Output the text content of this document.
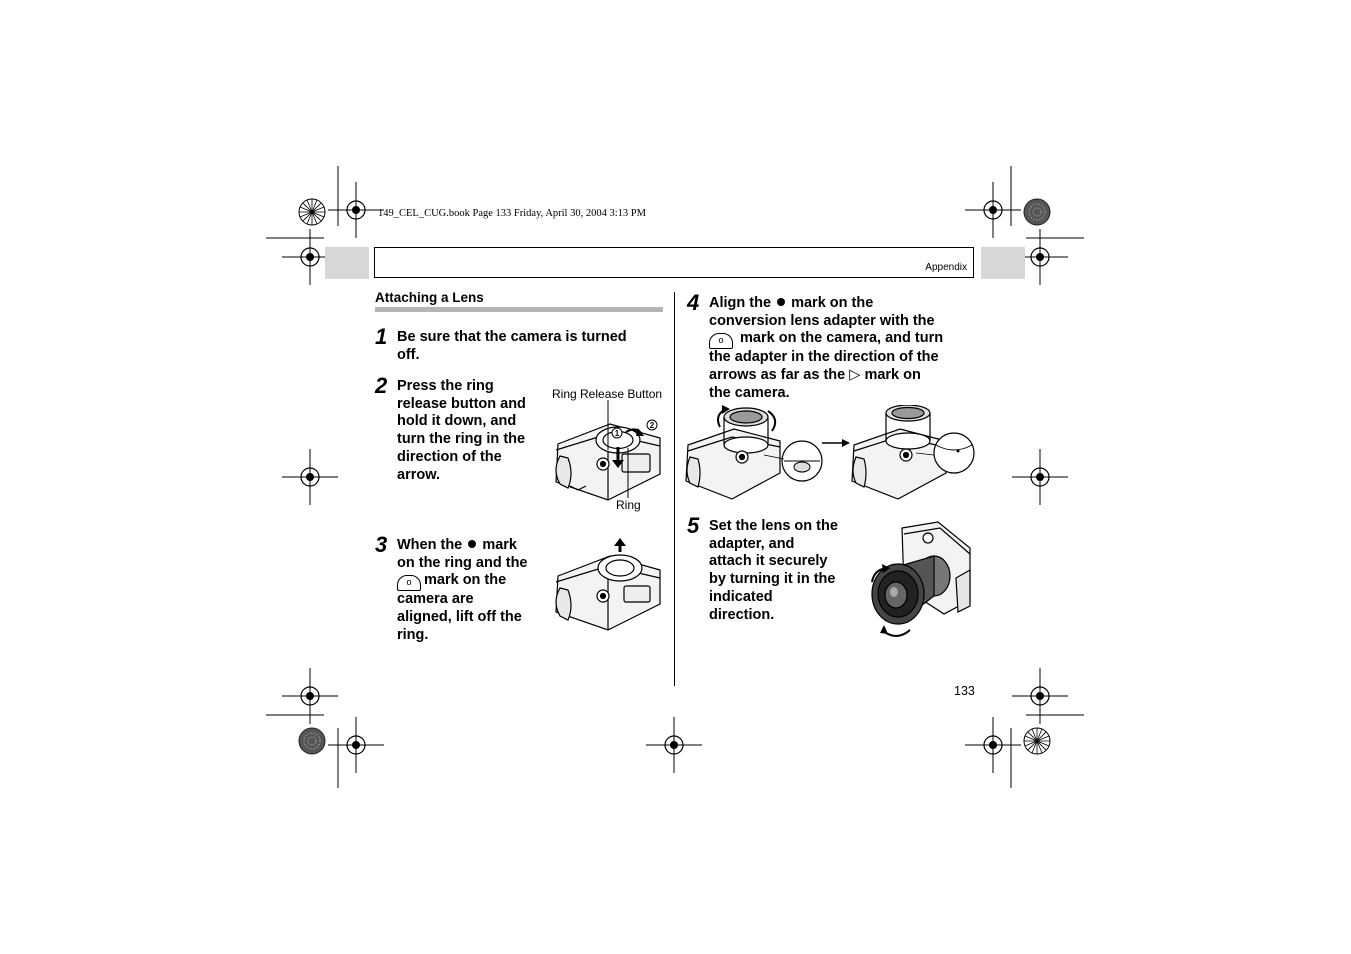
149_CEL_CUG.book Page 133 Friday, April 30, 2004 3:13 PM
Appendix
Attaching a Lens
1 Be sure that the camera is turned off.
2 Press the ring
release button and
hold it down, and
turn the ring in the
direction of the
arrow.
Ring Release Button
Ring
1
2
3 When the mark
on the ring and the
o mark on the
camera are
aligned, lift off the
ring.
4 Align the mark on the
conversion lens adapter with the
o mark on the camera, and turn
the adapter in the direction of the
arrows as far as the ▷ mark on
the camera.
5 Set the lens on the
adapter, and
attach it securely
by turning it in the
indicated
direction.
133
